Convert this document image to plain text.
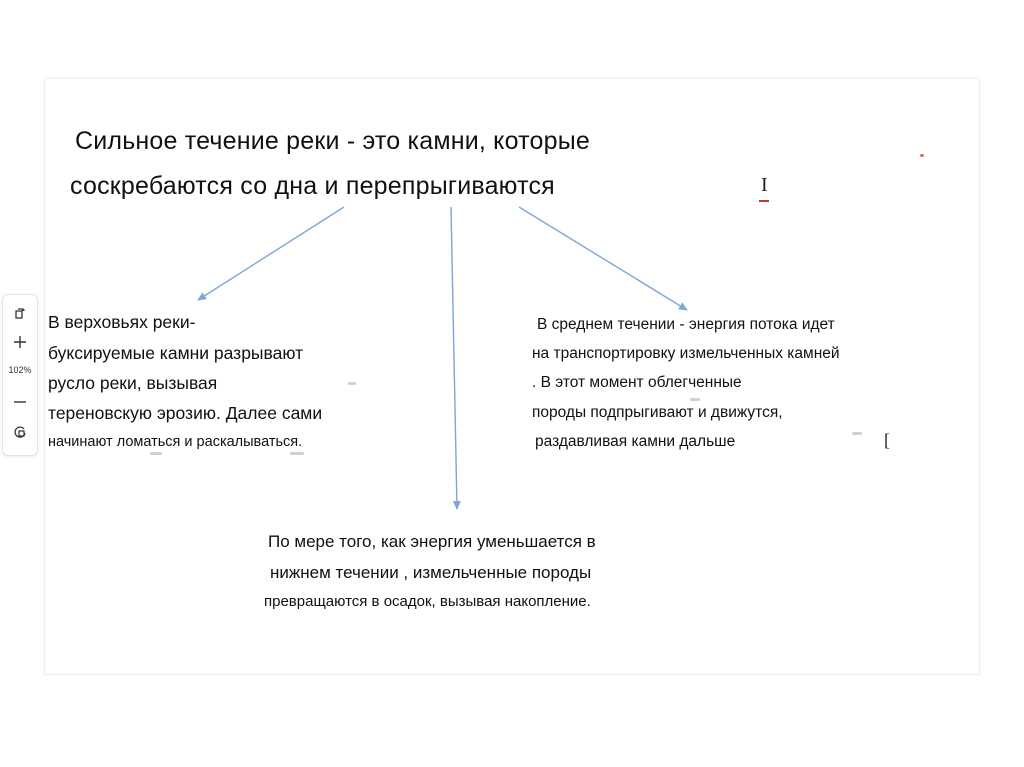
Сильное течение реки - это камни, которые
соскребаются со дна и перепрыгиваются	I
В верховьях реки-
буксируемые камни разрывают
русло реки, вызывая
тереновскую эрозию. Далее сами
начинают ломаться и раскалываться.
В среднем течении - энергия потока идет
на транспортировку измельченных камней
. В этот момент облегченные
породы подпрыгивают и движутся,
раздавливая камни дальше	[
По мере того, как энергия уменьшается в
нижнем течении , измельченные породы
превращаются в осадок, вызывая накопление.
102%
